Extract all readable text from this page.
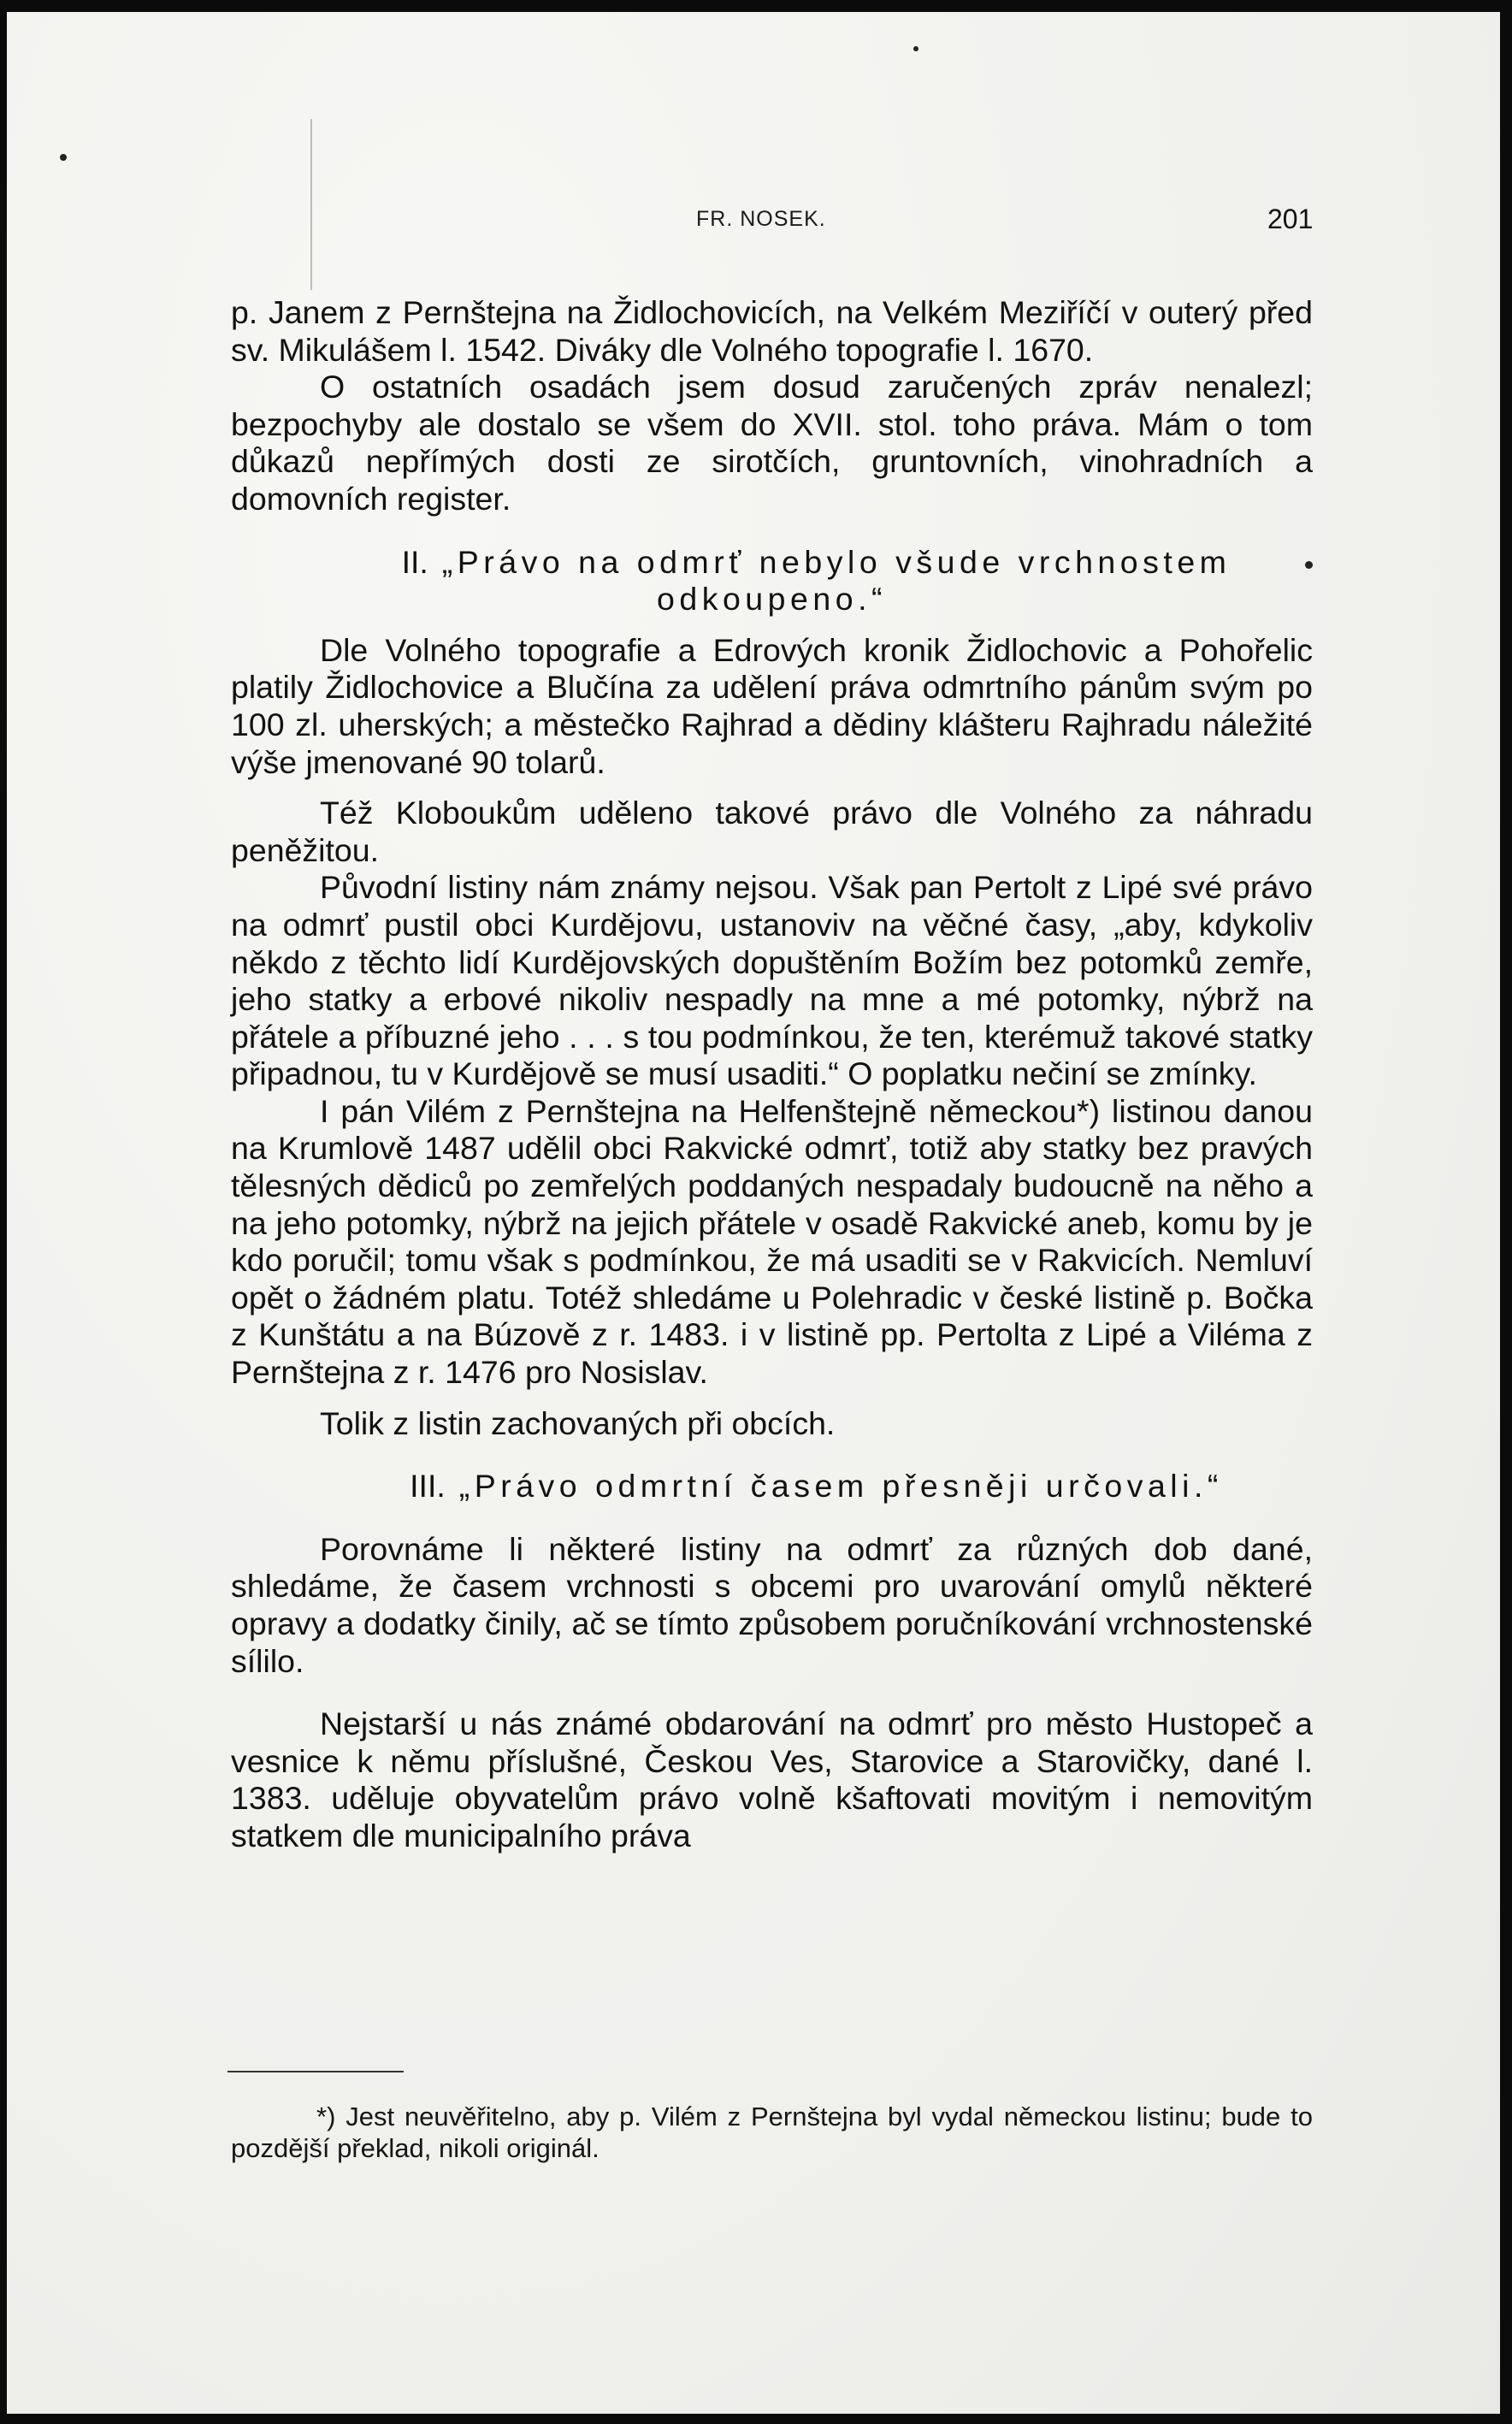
FR. NOSEK.	201

p. Janem z Pernštejna na Židlochovicích, na Velkém Meziříčí v outerý před sv. Mikulášem l. 1542. Diváky dle Volného topografie l. 1670.

O ostatních osadách jsem dosud zaručených zpráv nenalezl; bezpochyby ale dostalo se všem do XVII. stol. toho práva. Mám o tom důkazů nepřímých dosti ze sirotčích, gruntovních, vinohradních a domovních register.

II. „Právo na odmrť nebylo všude vrchnostem odkoupeno.“

Dle Volného topografie a Edrových kronik Židlochovic a Pohořelic platily Židlochovice a Blučína za udělení práva odmrtního pánům svým po 100 zl. uherských; a městečko Rajhrad a dědiny klášteru Rajhradu náležité výše jmenované 90 tolarů.

Též Kloboukům uděleno takové právo dle Volného za náhradu peněžitou.

Původní listiny nám známy nejsou. Však pan Pertolt z Lipé své právo na odmrť pustil obci Kurdějovu, ustanoviv na věčné časy, „aby, kdykoliv někdo z těchto lidí Kurdějovských dopuštěním Božím bez potomků zemře, jeho statky a erbové nikoliv nespadly na mne a mé potomky, nýbrž na přátele a příbuzné jeho . . . s tou podmínkou, že ten, kterémuž takové statky připadnou, tu v Kurdějově se musí usaditi.“ O poplatku nečiní se zmínky.

I pán Vilém z Pernštejna na Helfenštejně německou*) listinou danou na Krumlově 1487 udělil obci Rakvické odmrť, totiž aby statky bez pravých tělesných dědiců po zemřelých poddaných nespadaly budoucně na něho a na jeho potomky, nýbrž na jejich přátele v osadě Rakvické aneb, komu by je kdo poručil; tomu však s podmínkou, že má usaditi se v Rakvicích. Nemluví opět o žádném platu. Totéž shledáme u Polehradic v české listině p. Bočka z Kunštátu a na Búzově z r. 1483. i v listině pp. Pertolta z Lipé a Viléma z Pernštejna z r. 1476 pro Nosislav.

Tolik z listin zachovaných při obcích.

III. „Právo odmrtní časem přesněji určovali.“

Porovnáme li některé listiny na odmrť za různých dob dané, shledáme, že časem vrchnosti s obcemi pro uvarování omylů některé opravy a dodatky činily, ač se tímto způsobem poručníkování vrchnostenské sílilo.

Nejstarší u nás známé obdarování na odmrť pro město Hustopeč a vesnice k němu příslušné, Českou Ves, Starovice a Starovičky, dané l. 1383. uděluje obyvatelům právo volně kšaftovati movitým i nemovitým statkem dle municipalního práva

*) Jest neuvěřitelno, aby p. Vilém z Pernštejna byl vydal německou listinu; bude to pozdější překlad, nikoli originál.
